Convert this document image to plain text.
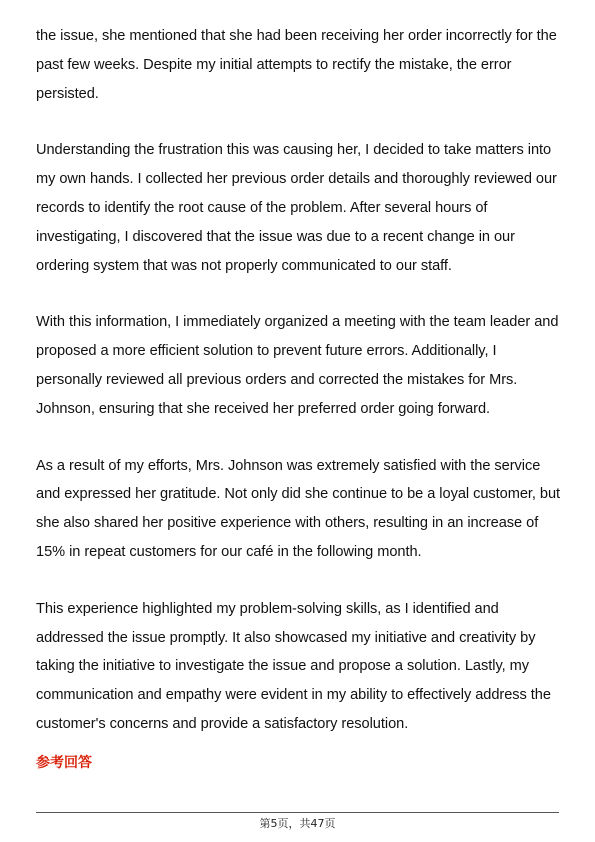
the issue, she mentioned that she had been receiving her order incorrectly for the past few weeks. Despite my initial attempts to rectify the mistake, the error persisted.

Understanding the frustration this was causing her, I decided to take matters into my own hands. I collected her previous order details and thoroughly reviewed our records to identify the root cause of the problem. After several hours of investigating, I discovered that the issue was due to a recent change in our ordering system that was not properly communicated to our staff.

With this information, I immediately organized a meeting with the team leader and proposed a more efficient solution to prevent future errors. Additionally, I personally reviewed all previous orders and corrected the mistakes for Mrs. Johnson, ensuring that she received her preferred order going forward.

As a result of my efforts, Mrs. Johnson was extremely satisfied with the service and expressed her gratitude. Not only did she continue to be a loyal customer, but she also shared her positive experience with others, resulting in an increase of 15% in repeat customers for our café in the following month.

This experience highlighted my problem-solving skills, as I identified and addressed the issue promptly. It also showcased my initiative and creativity by taking the initiative to investigate the issue and propose a solution. Lastly, my communication and empathy were evident in my ability to effectively address the customer's concerns and provide a satisfactory resolution.

参考回答

第5页，共47页
